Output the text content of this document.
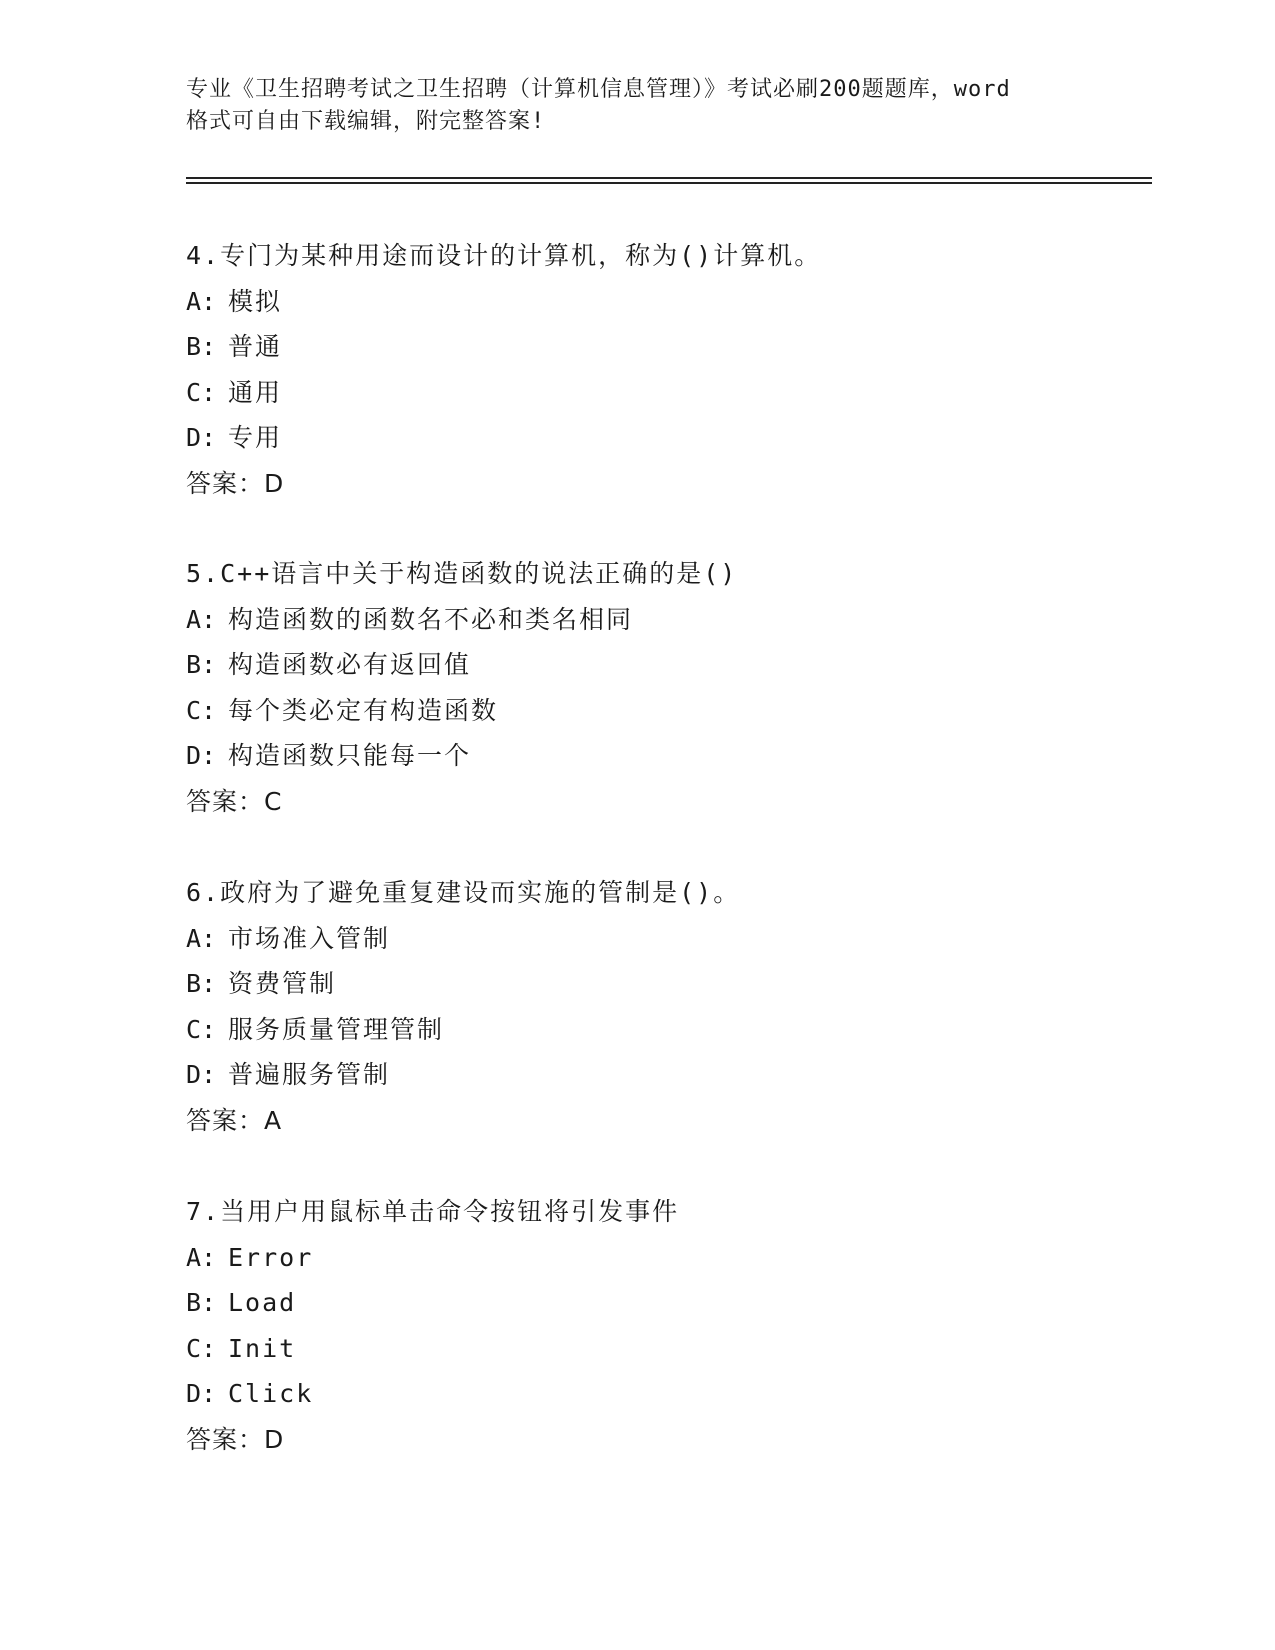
专业《卫生招聘考试之卫生招聘（计算机信息管理）》考试必刷200题题库，word
格式可自由下载编辑，附完整答案!
4.专门为某种用途而设计的计算机，称为()计算机。
A: 模拟
B: 普通
C: 通用
D: 专用
答案：D
5.C++语言中关于构造函数的说法正确的是()
A: 构造函数的函数名不必和类名相同
B: 构造函数必有返回值
C: 每个类必定有构造函数
D: 构造函数只能每一个
答案：C
6.政府为了避免重复建设而实施的管制是()。
A: 市场准入管制
B: 资费管制
C: 服务质量管理管制
D: 普遍服务管制
答案：A
7.当用户用鼠标单击命令按钮将引发事件
A: Error
B: Load
C: Init
D: Click
答案：D
